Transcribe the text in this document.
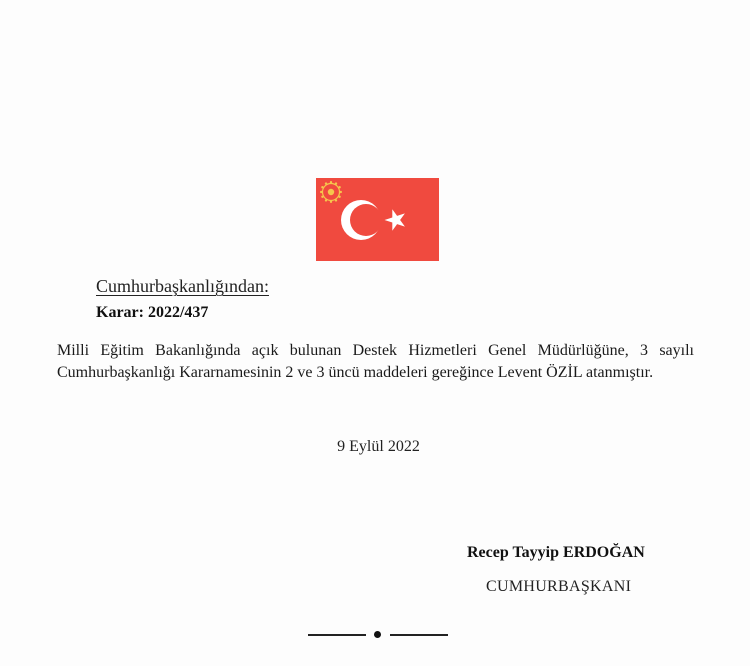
Cumhurbaşkanlığından:
Karar: 2022/437
Milli Eğitim Bakanlığında açık bulunan Destek Hizmetleri Genel Müdürlüğüne, 3 sayılı
Cumhurbaşkanlığı Kararnamesinin 2 ve 3 üncü maddeleri gereğince Levent ÖZİL atanmıştır.
9 Eylül 2022
Recep Tayyip ERDOĞAN
CUMHURBAŞKANI
